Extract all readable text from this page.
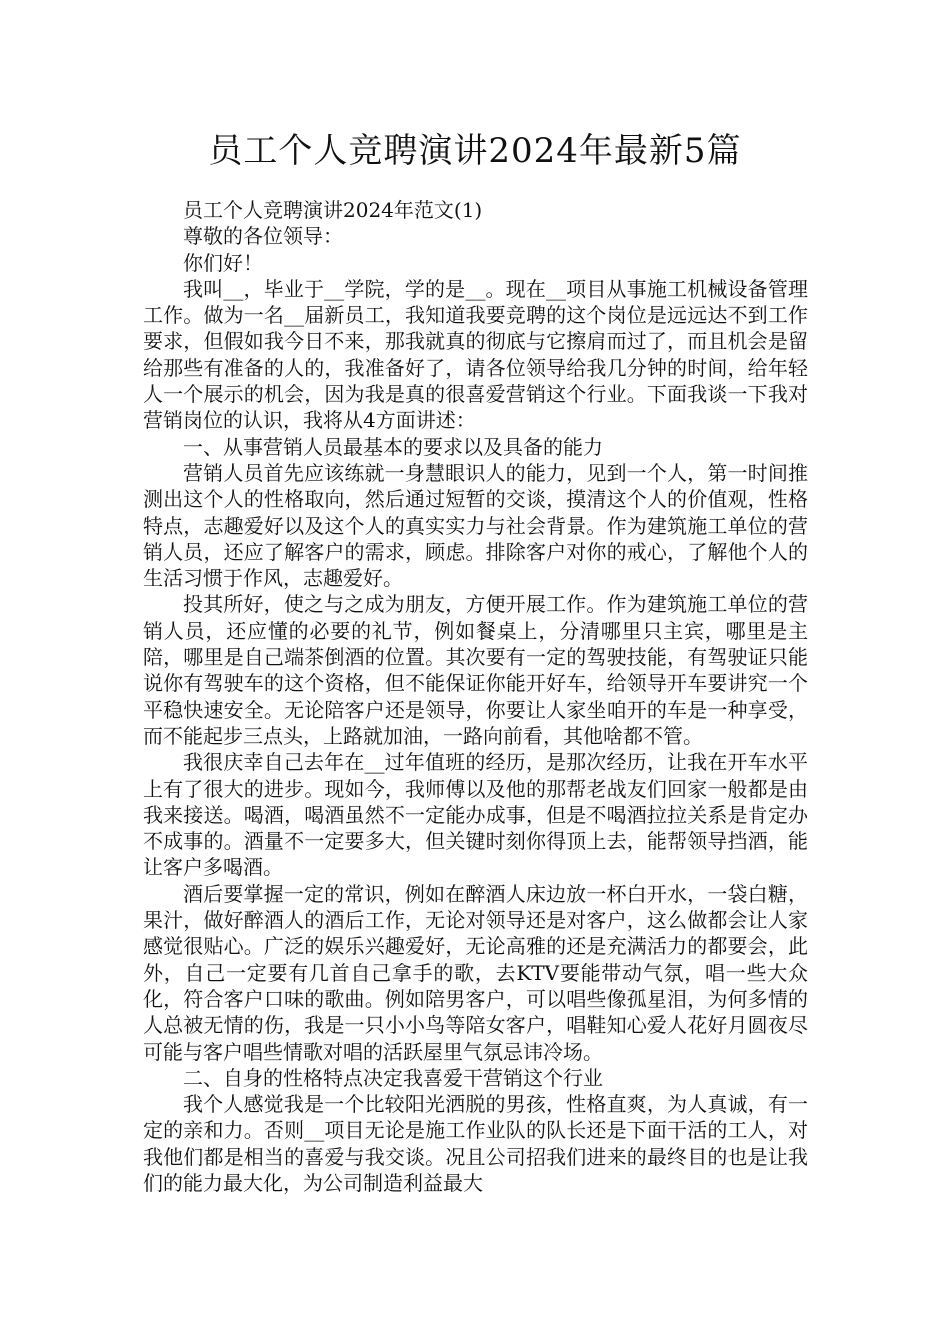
员工个人竞聘演讲2024年最新5篇

员工个人竞聘演讲2024年范文(1)

尊敬的各位领导：

你们好！

我叫__，毕业于__学院，学的是__。现在__项目从事施工机械设备管理工作。做为一名__届新员工，我知道我要竞聘的这个岗位是远远达不到工作要求，但假如我今日不来，那我就真的彻底与它擦肩而过了，而且机会是留给那些有准备的人的，我准备好了，请各位领导给我几分钟的时间，给年轻人一个展示的机会，因为我是真的很喜爱营销这个行业。下面我谈一下我对营销岗位的认识，我将从4方面讲述：

一、从事营销人员最基本的要求以及具备的能力

营销人员首先应该练就一身慧眼识人的能力，见到一个人，第一时间推测出这个人的性格取向，然后通过短暂的交谈，摸清这个人的价值观，性格特点，志趣爱好以及这个人的真实实力与社会背景。作为建筑施工单位的营销人员，还应了解客户的需求，顾虑。排除客户对你的戒心，了解他个人的生活习惯于作风，志趣爱好。

投其所好，使之与之成为朋友，方便开展工作。作为建筑施工单位的营销人员，还应懂的必要的礼节，例如餐桌上，分清哪里只主宾，哪里是主陪，哪里是自己端茶倒酒的位置。其次要有一定的驾驶技能，有驾驶证只能说你有驾驶车的这个资格，但不能保证你能开好车，给领导开车要讲究一个平稳快速安全。无论陪客户还是领导，你要让人家坐咱开的车是一种享受，而不能起步三点头，上路就加油，一路向前看，其他啥都不管。

我很庆幸自己去年在__过年值班的经历，是那次经历，让我在开车水平上有了很大的进步。现如今，我师傅以及他的那帮老战友们回家一般都是由我来接送。喝酒，喝酒虽然不一定能办成事，但是不喝酒拉拉关系是肯定办不成事的。酒量不一定要多大，但关键时刻你得顶上去，能帮领导挡酒，能让客户多喝酒。

酒后要掌握一定的常识，例如在醉酒人床边放一杯白开水，一袋白糖，果汁，做好醉酒人的酒后工作，无论对领导还是对客户，这么做都会让人家感觉很贴心。广泛的娱乐兴趣爱好，无论高雅的还是充满活力的都要会，此外，自己一定要有几首自己拿手的歌，去KTV要能带动气氛，唱一些大众化，符合客户口味的歌曲。例如陪男客户，可以唱些像孤星泪，为何多情的人总被无情的伤，我是一只小小鸟等陪女客户，唱鞋知心爱人花好月圆夜尽可能与客户唱些情歌对唱的活跃屋里气氛忌讳冷场。

二、自身的性格特点决定我喜爱干营销这个行业

我个人感觉我是一个比较阳光洒脱的男孩，性格直爽，为人真诚，有一定的亲和力。否则__项目无论是施工作业队的队长还是下面干活的工人，对我他们都是相当的喜爱与我交谈。况且公司招我们进来的最终目的也是让我们的能力最大化，为公司制造利益最大
